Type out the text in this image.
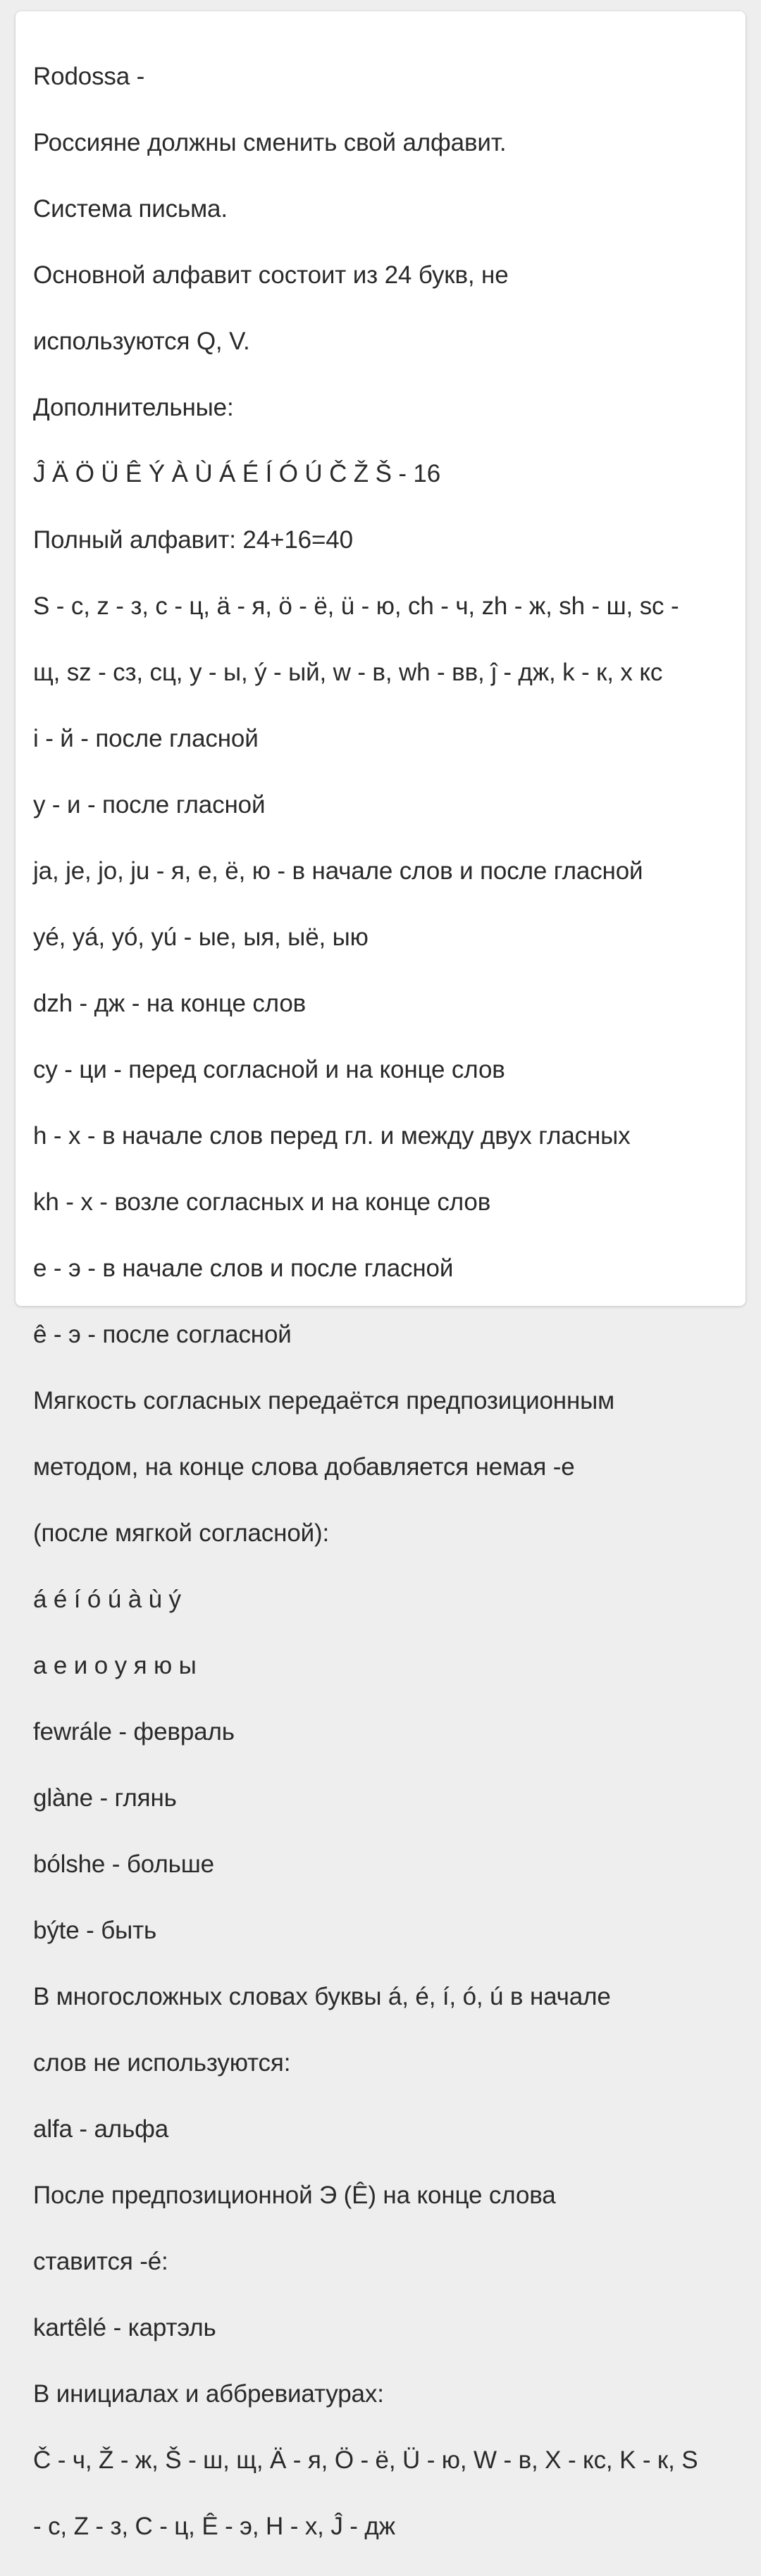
Rodossa -

Россияне должны сменить свой алфавит.

Система письма.

Основной алфавит состоит из 24 букв, не

используются Q, V.

Дополнительные:

Ĵ Ä Ö Ü Ê Ý À Ù Á É Í Ó Ú Č Ž Š - 16

Полный алфавит: 24+16=40

S - c, z - з, c - ц, ä - я, ö - ё, ü - ю, ch - ч, zh - ж, sh - ш, sc -

щ, sz - сз, сц, y - ы, ý - ый, w - в, wh - вв, ĵ - дж, k - к, x кс

i - й - после гласной

y - и - после гласной

ja, je, jo, ju - я, е, ё, ю - в начале слов и после гласной

yé, yá, yó, yú - ые, ыя, ыё, ыю

dzh - дж - на конце слов

cy - ци - перед согласной и на конце слов

h - x - в начале слов перед гл. и между двух гласных

kh - x - возле согласных и на конце слов

e - э - в начале слов и после гласной

ê - э - после согласной

Мягкость согласных передаётся предпозиционным

методом, на конце слова добавляется немая -e

(после мягкой согласной):

á é í ó ú à ù ý

а е и о у я ю ы

fewrále - февраль

glàne - глянь

bólshe - больше

býte - быть

В многосложных словах буквы á, é, í, ó, ú в начале

слов не используются:

alfa - альфа

После предпозиционной Э (Ê) на конце слова

ставится -é:

kartêlé - картэль

В инициалах и аббревиатурах:

Č - ч, Ž - ж, Š - ш, щ, Ä - я, Ö - ё, Ü - ю, W - в, X - кс, K - к, S

- c, Z - з, C - ц, Ê - э, H - х, Ĵ - дж
